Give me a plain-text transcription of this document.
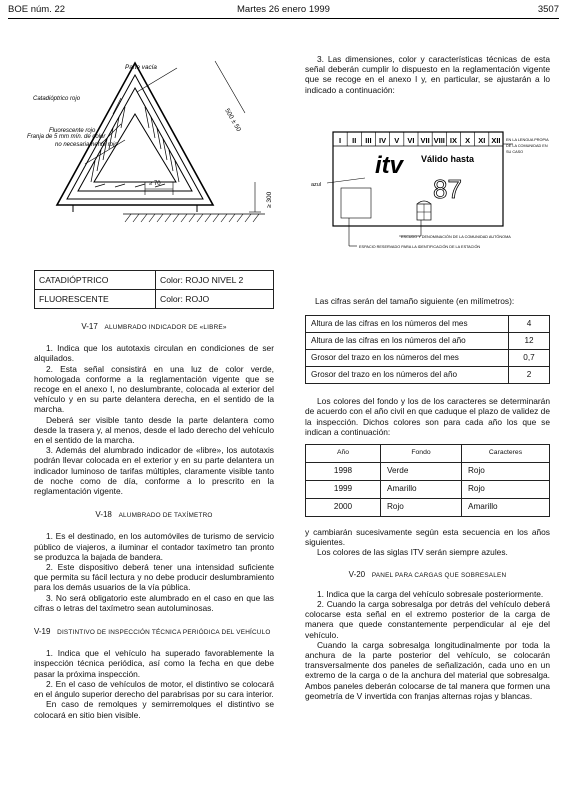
BOE núm. 22	Martes 26 enero 1999	3507
Parte vacía
Catadióptrico rojo
Fluorescente rojo
Franja de 5 mm mín. de color
no necesariamente rojo
500 ± 50
≥ 70
≥ 300
CATADIÓPTRICO	Color: ROJO NIVEL 2
FLUORESCENTE	Color: ROJO

V-17 ALUMBRADO INDICADOR DE «LIBRE»

1. Indica que los autotaxis circulan en condiciones de ser alquilados.

2. Esta señal consistirá en una luz de color verde, homologada conforme a la reglamentación vigente que se recoge en el anexo I, no deslumbrante, colocada al exterior del vehículo y en su parte delantera derecha, en el sentido de la marcha.

Deberá ser visible tanto desde la parte delantera como desde la trasera y, al menos, desde el lado derecho del vehículo en el sentido de la marcha.

3. Además del alumbrado indicador de «libre», los autotaxis podrán llevar colocada en el exterior y en su parte delantera un indicador luminoso de tarifas múltiples, claramente visible tanto de noche como de día, conforme a lo prescrito en la reglamentación vigente.

V-18 ALUMBRADO DE TAXÍMETRO

1. Es el destinado, en los automóviles de turismo de servicio público de viajeros, a iluminar el contador taxímetro tan pronto se produzca la bajada de bandera.

2. Este dispositivo deberá tener una intensidad suficiente que permita su fácil lectura y no debe producir deslumbramiento para los demás usuarios de la vía pública.

3. No será obligatorio este alumbrado en el caso en que las cifras o letras del taxímetro sean autoluminosas.

V-19 DISTINTIVO DE INSPECCIÓN TÉCNICA PERIÓDICA DEL VEHÍCULO

1. Indica que el vehículo ha superado favorablemente la inspección técnica periódica, así como la fecha en que debe pasar la próxima inspección.

2. En el caso de vehículos de motor, el distintivo se colocará en el ángulo superior derecho del parabrisas por su cara interior.

En caso de remolques y semirremolques el distintivo se colocará en sitio bien visible.

3. Las dimensiones, color y características técnicas de esta señal deberán cumplir lo dispuesto en la reglamentación vigente que se recoge en el anexo I y, en particular, se ajustarán a lo indicado a continuación:

I II III IV V VI VII VIII IX X XI XII
itv Válido hasta
87
EN LA LENGUA PROPIA
DE LA COMUNIDAD EN
SU CASO
azul
ESCUDO Y DENOMINACIÓN DE LA COMUNIDAD AUTÓNOMA
ESPACIO RESERVADO PARA LA IDENTIFICACIÓN DE LA ESTACIÓN

Las cifras serán del tamaño siguiente (en milímetros):

Altura de las cifras en los números del mes	4
Altura de las cifras en los números del año	12
Grosor del trazo en los números del mes	0,7
Grosor del trazo en los números del año	2

Los colores del fondo y los de los caracteres se determinarán de acuerdo con el año civil en que caduque el plazo de validez de la inspección. Dichos colores son para cada año los que se indican a continuación:

Año	Fondo	Caracteres
1998	Verde	Rojo
1999	Amarillo	Rojo
2000	Rojo	Amarillo

y cambiarán sucesivamente según esta secuencia en los años siguientes.

Los colores de las siglas ITV serán siempre azules.

V-20 PANEL PARA CARGAS QUE SOBRESALEN

1. Indica que la carga del vehículo sobresale posteriormente.

2. Cuando la carga sobresalga por detrás del vehículo deberá colocarse esta señal en el extremo posterior de la carga de manera que quede constantemente perpendicular al eje del vehículo.

Cuando la carga sobresalga longitudinalmente por toda la anchura de la parte posterior del vehículo, se colocarán transversalmente dos paneles de señalización, cada uno en un extremo de la carga o de la anchura del material que sobresalga. Ambos paneles deberán colocarse de tal manera que formen una geometría de V invertida con franjas alternas rojas y blancas.
